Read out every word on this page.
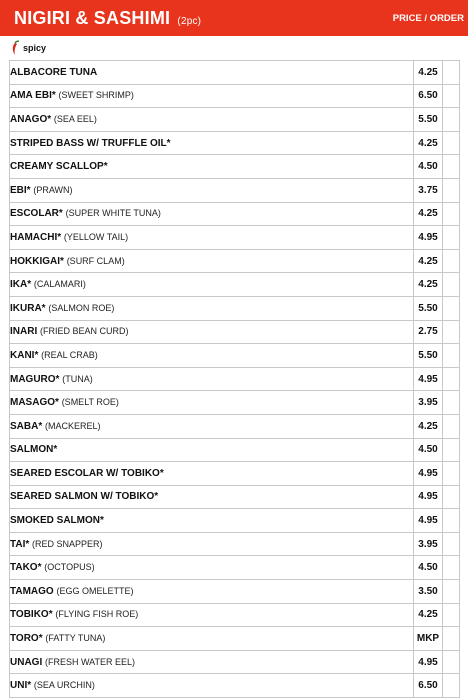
NIGIRI & SASHIMI (2pc)	PRICE / ORDER
spicy
ALBACORE TUNA	4.25	
AMA EBI* (SWEET SHRIMP)	6.50	
ANAGO* (SEA EEL)	5.50	
STRIPED BASS W/ TRUFFLE OIL*	4.25	
CREAMY SCALLOP*	4.50	
EBI* (PRAWN)	3.75	
ESCOLAR* (SUPER WHITE TUNA)	4.25	
HAMACHI* (YELLOW TAIL)	4.95	
HOKKIGAI* (SURF CLAM)	4.25	
IKA* (CALAMARI)	4.25	
IKURA* (SALMON ROE)	5.50	
INARI (FRIED BEAN CURD)	2.75	
KANI* (REAL CRAB)	5.50	
MAGURO* (TUNA)	4.95	
MASAGO* (SMELT ROE)	3.95	
SABA* (MACKEREL)	4.25	
SALMON*	4.50	
SEARED ESCOLAR W/ TOBIKO*	4.95	
SEARED SALMON W/ TOBIKO*	4.95	
SMOKED SALMON*	4.95	
TAI* (RED SNAPPER)	3.95	
TAKO* (OCTOPUS)	4.50	
TAMAGO (EGG OMELETTE)	3.50	
TOBIKO* (FLYING FISH ROE)	4.25	
TORO* (FATTY TUNA)	MKP	
UNAGI (FRESH WATER EEL)	4.95	
UNI* (SEA URCHIN)	6.50	
